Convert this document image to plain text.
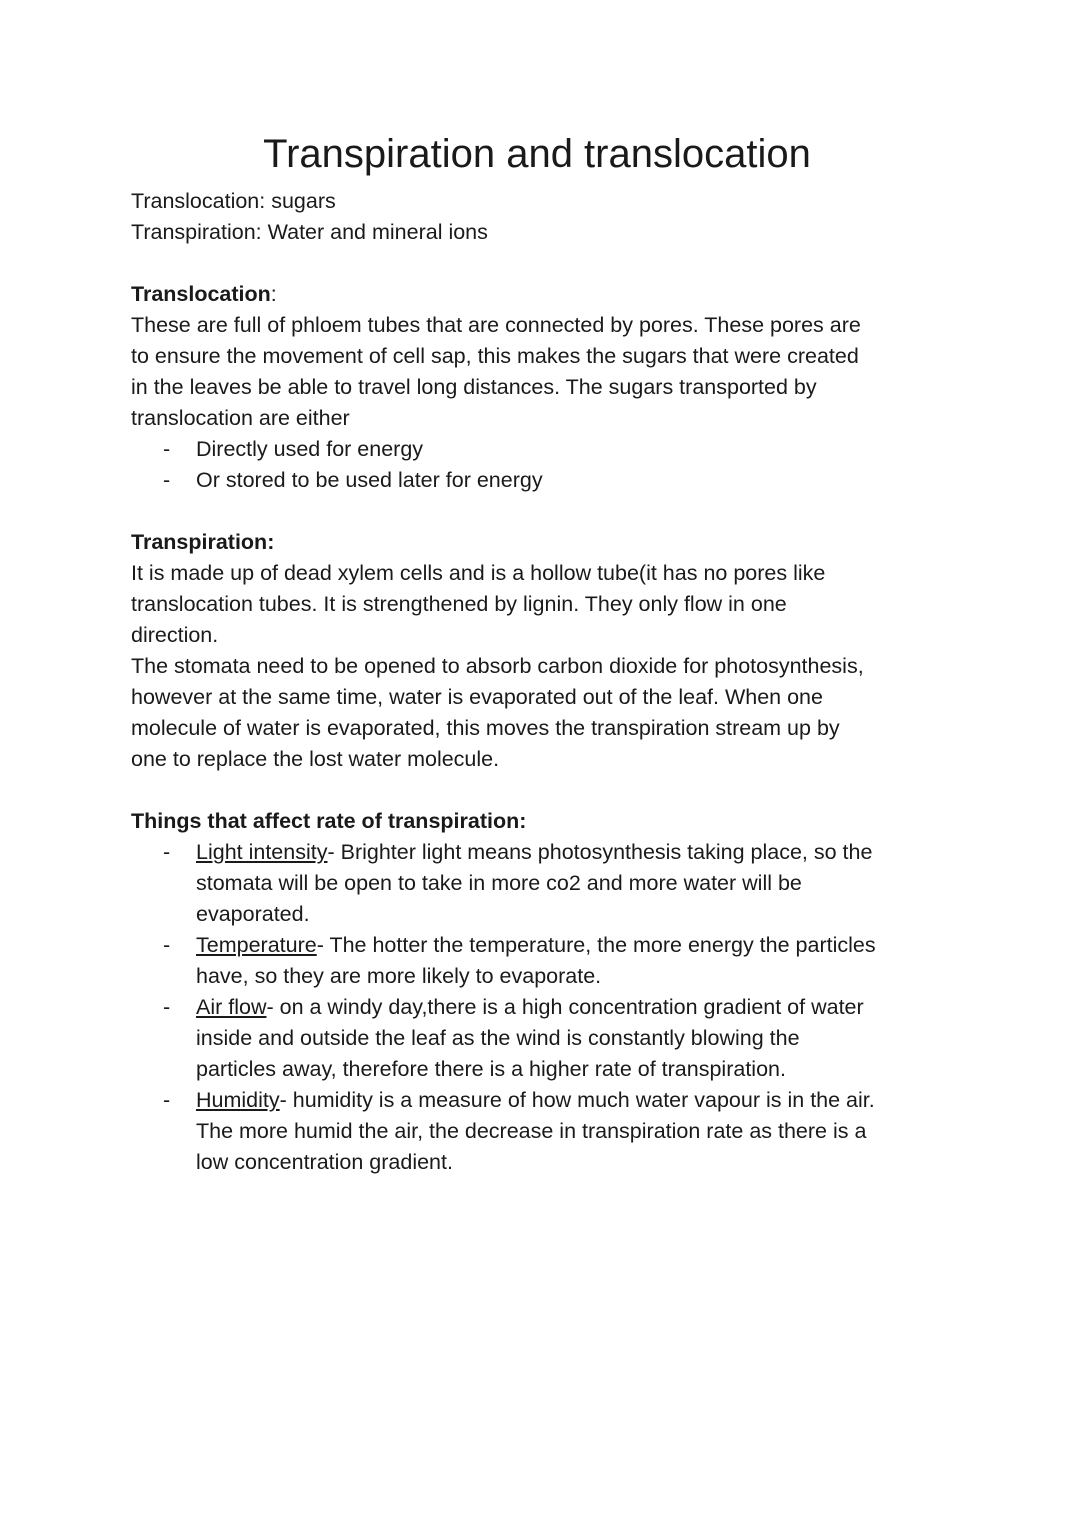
Transpiration and translocation

Translocation: sugars

Transpiration: Water and mineral ions

Translocation:

These are full of phloem tubes that are connected by pores. These pores are

to ensure the movement of cell sap, this makes the sugars that were created

in the leaves be able to travel long distances. The sugars transported by

translocation are either

- Directly used for energy
- Or stored to be used later for energy

Transpiration:

It is made up of dead xylem cells and is a hollow tube(it has no pores like

translocation tubes. It is strengthened by lignin. They only flow in one

direction.

The stomata need to be opened to absorb carbon dioxide for photosynthesis,

however at the same time, water is evaporated out of the leaf. When one

molecule of water is evaporated, this moves the transpiration stream up by

one to replace the lost water molecule.

Things that affect rate of transpiration:

- Light intensity- Brighter light means photosynthesis taking place, so the
stomata will be open to take in more co2 and more water will be
evaporated.
- Temperature- The hotter the temperature, the more energy the particles
have, so they are more likely to evaporate.
- Air flow- on a windy day,there is a high concentration gradient of water
inside and outside the leaf as the wind is constantly blowing the
particles away, therefore there is a higher rate of transpiration.
- Humidity- humidity is a measure of how much water vapour is in the air.
The more humid the air, the decrease in transpiration rate as there is a
low concentration gradient.
